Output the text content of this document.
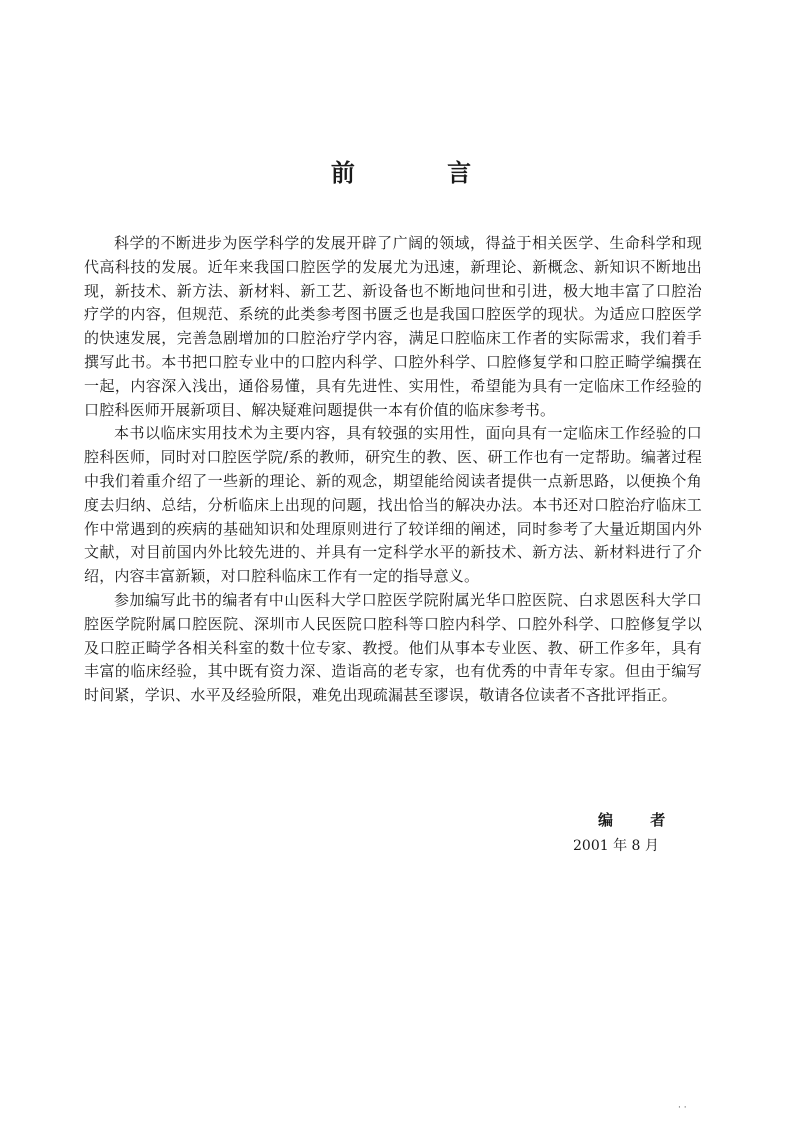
前 言

科学的不断进步为医学科学的发展开辟了广阔的领域，得益于相关医学、生命科学和现代高科技的发展。近年来我国口腔医学的发展尤为迅速，新理论、新概念、新知识不断地出现，新技术、新方法、新材料、新工艺、新设备也不断地问世和引进，极大地丰富了口腔治疗学的内容，但规范、系统的此类参考图书匮乏也是我国口腔医学的现状。为适应口腔医学的快速发展，完善急剧增加的口腔治疗学内容，满足口腔临床工作者的实际需求，我们着手撰写此书。本书把口腔专业中的口腔内科学、口腔外科学、口腔修复学和口腔正畸学编撰在一起，内容深入浅出，通俗易懂，具有先进性、实用性，希望能为具有一定临床工作经验的口腔科医师开展新项目、解决疑难问题提供一本有价值的临床参考书。

本书以临床实用技术为主要内容，具有较强的实用性，面向具有一定临床工作经验的口腔科医师，同时对口腔医学院/系的教师，研究生的教、医、研工作也有一定帮助。编著过程中我们着重介绍了一些新的理论、新的观念，期望能给阅读者提供一点新思路，以便换个角度去归纳、总结，分析临床上出现的问题，找出恰当的解决办法。本书还对口腔治疗临床工作中常遇到的疾病的基础知识和处理原则进行了较详细的阐述，同时参考了大量近期国内外文献，对目前国内外比较先进的、并具有一定科学水平的新技术、新方法、新材料进行了介绍，内容丰富新颖，对口腔科临床工作有一定的指导意义。

参加编写此书的编者有中山医科大学口腔医学院附属光华口腔医院、白求恩医科大学口腔医学院附属口腔医院、深圳市人民医院口腔科等口腔内科学、口腔外科学、口腔修复学以及口腔正畸学各相关科室的数十位专家、教授。他们从事本专业医、教、研工作多年，具有丰富的临床经验，其中既有资力深、造诣高的老专家，也有优秀的中青年专家。但由于编写时间紧，学识、水平及经验所限，难免出现疏漏甚至谬误，敬请各位读者不吝批评指正。

编 者
2001 年 8 月
· ·
